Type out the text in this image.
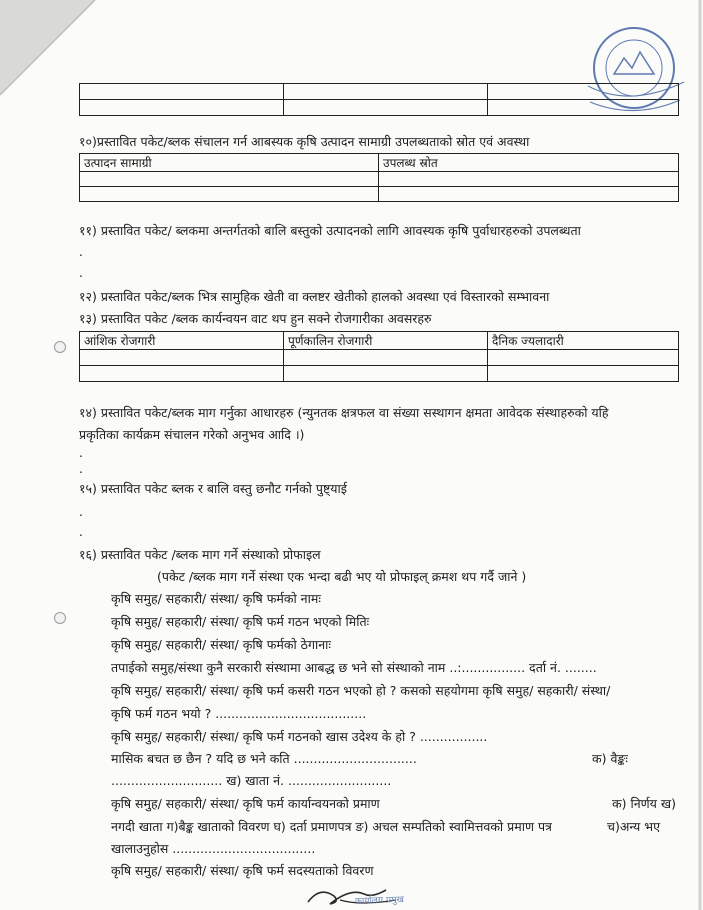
१०)प्रस्तावित पकेट/ब्लक संचालन गर्न आबस्यक कृषि उत्पादन सामाग्री उपलब्धताको स्रोत एवं अवस्था
उत्पादन सामाग्री	उपलब्ध स्रोत

११) प्रस्तावित पकेट/ ब्लकमा अन्तर्गतको बालि बस्तुको उत्पादनको लागि आवस्यक कृषि पुर्वाधारहरुको उपलब्धता
.
.
१२) प्रस्तावित पकेट/ब्लक भित्र सामुहिक खेती वा क्लष्टर खेतीको हालको अवस्था एवं विस्तारको सम्भावना
१३) प्रस्तावित पकेट /ब्लक कार्यन्वयन वाट थप हुन सक्ने रोजगारीका अवसरहरु
आंशिक रोजगारी	पूर्णकालिन रोजगारी	दैनिक ज्यलादारी

१४) प्रस्तावित पकेट/ब्लक माग गर्नुका आधारहरु (न्युनतक क्षत्रफल वा संख्या सस्थागन क्षमता आवेदक संस्थाहरुको यहि
प्रकृतिका कार्यक्रम संचालन गरेको अनुभव आदि ।)
.
.
१५) प्रस्तावित पकेट ब्लक र बालि वस्तु छनौट गर्नको पुष्ट्याई
.
.
१६) प्रस्तावित पकेट /ब्लक माग गर्ने संस्थाको प्रोफाइल
(पकेट /ब्लक माग गर्ने संस्था एक भन्दा बढी भए यो प्रोफाइल् क्रमश थप गर्दै जाने )
कृषि समुह/ सहकारी/ संस्था/ कृषि फर्मको नामः
कृषि समुह/ सहकारी/ संस्था/ कृषि फर्म गठन भएको मितिः
कृषि समुह/ सहकारी/ संस्था/ कृषि फर्मको ठेगानाः
तपाईको समुह/संस्था कुनै सरकारी संस्थामा आबद्ध छ भने सो संस्थाको नाम ..:................ दर्ता नं. ........
कृषि समुह/ सहकारी/ संस्था/ कृषि फर्म कसरी गठन भएको हो ? कसको सहयोगमा कृषि समुह/ सहकारी/ संस्था/
कृषि फर्म गठन भयो ? ......................................
कृषि समुह/ सहकारी/ संस्था/ कृषि फर्म गठनको खास उदेश्य के हो ? .................
मासिक बचत छ छैन ? यदि छ भने कति ...............................	क) वैङ्कः
............................ ख) खाता नं. ..........................
कृषि समुह/ सहकारी/ संस्था/ कृषि फर्म कार्यान्वयनको प्रमाण	क) निर्णय ख)
नगदी खाता ग)बैङ्क खाताको विवरण घ) दर्ता प्रमाणपत्र ङ) अचल सम्पतिको स्वामित्तवको प्रमाण पत्र	च)अन्य भए
खालाउनुहोस ....................................
कृषि समुह/ सहकारी/ संस्था/ कृषि फर्म सदस्यताको विवरण
कार्यालय प्रमुख
